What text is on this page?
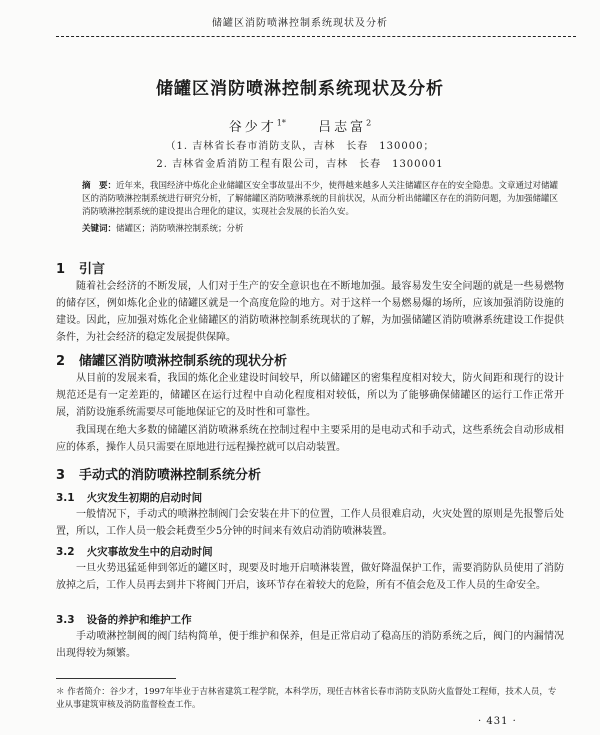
储罐区消防喷淋控制系统现状及分析
储罐区消防喷淋控制系统现状及分析
谷少才$^{1*}$ 吕志富$^2$
（1. 吉林省长春市消防支队，吉林　长春　130000；
2. 吉林省金盾消防工程有限公司，吉林　长春　1300001
摘　要：近年来，我国经济中炼化企业储罐区安全事故显出不少，使得越来越多人关注储罐区存在的安全隐患。文章通过对储罐区的消防喷淋控制系统进行研究分析，了解储罐区消防喷淋系统的目前状况，从而分析出储罐区存在的消防问题，为加强储罐区消防喷淋控制系统的建设提出合理化的建议，实现社会发展的长治久安。
关键词：储罐区；消防喷淋控制系统；分析
1 引言
随着社会经济的不断发展，人们对于生产的安全意识也在不断地加强。最容易发生安全问题的就是一些易燃物的储存区，例如炼化企业的储罐区就是一个高度危险的地方。对于这样一个易燃易爆的场所，应该加强消防设施的建设。因此，应加强对炼化企业储罐区的消防喷淋控制系统现状的了解，为加强储罐区消防喷淋系统建设工作提供条件，为社会经济的稳定发展提供保障。
2 储罐区消防喷淋控制系统的现状分析
从目前的发展来看，我国的炼化企业建设时间较早，所以储罐区的密集程度相对较大，防火间距和现行的设计规范还是有一定差距的，储罐区在运行过程中自动化程度相对较低，所以为了能够确保储罐区的运行工作正常开展，消防设施系统需要尽可能地保证它的及时性和可靠性。
我国现在绝大多数的储罐区消防喷淋系统在控制过程中主要采用的是电动式和手动式，这些系统会自动形成相应的体系，操作人员只需要在原地进行远程操控就可以启动装置。
3 手动式的消防喷淋控制系统分析
3.1 火灾发生初期的启动时间
一般情况下，手动式的喷淋控制阀门会安装在井下的位置，工作人员很难启动，火灾处置的原则是先报警后处置，所以，工作人员一般会耗费至少5分钟的时间来有效启动消防喷淋装置。
3.2 火灾事故发生中的启动时间
一旦火势迅猛延伸到邻近的罐区时，现要及时地开启喷淋装置，做好降温保护工作，需要消防队员使用了消防放掉之后，工作人员再去到井下将阀门开启，该环节存在着较大的危险，所有不值会危及工作人员的生命安全。
3.3 设备的养护和维护工作
手动喷淋控制阀的阀门结构简单，便于维护和保养，但是正常启动了稳高压的消防系统之后，阀门的内漏情况出现得较为频繁。
＊ 作者简介：谷少才，1997年毕业于吉林省建筑工程学院，本科学历，现任吉林省长春市消防支队防火监督处工程师，技术人员，专业从事建筑审核及消防监督检查工作。
· 431 ·
